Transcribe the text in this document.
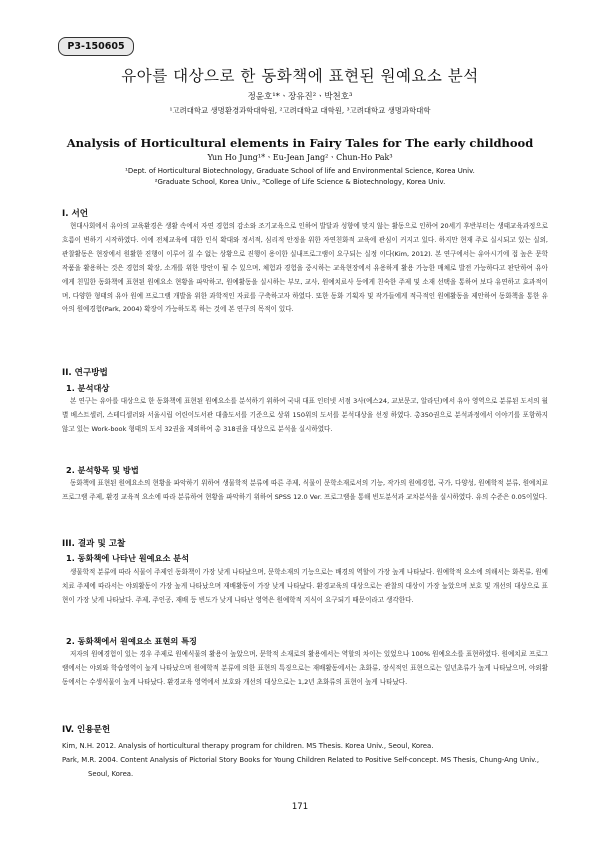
P3-150605
유아를 대상으로 한 동화책에 표현된 원예요소 분석
정윤호¹*ㆍ장유진²ㆍ박천호³
¹고려대학교 생명환경과학대학원, ²고려대학교 대학원, ³고려대학교 생명과학대학
Analysis of Horticultural elements in Fairy Tales for The early childhood
Yun Ho Jung¹*ㆍEu-Jean Jang²ㆍChun-Ho Pak³
¹Dept. of Horticultural Biotechnology, Graduate School of life and Environmental Science, Korea Univ.
²Graduate School, Korea Univ., ³College of Life Science & Biotechnology, Korea Univ.
I. 서언
현대사회에서 유아의 교육환경은 생활 속에서 자연 경험의 감소와 조기교육으로 인하여 발달과 성향에 맞지 않는 활동으로 인하여 20세기 후반부터는 생태교육과정으로 흐름이 변하기 시작하였다. 이에 전체교육에 대한 인식 확대와 정서적, 심리적 안정을 위한 자연친화적 교육에 관심이 커지고 있다. 하지만 현재 주로 실시되고 있는 실외, 관찰활동은 현장에서 원활한 진행이 이루어 질 수 없는 상황으로 진행이 용이한 실내프로그램이 요구되는 실정 이다(Kim, 2012). 본 연구에서는 유아시기에 접 높은 문학 작품을 활용하는 것은 경험의 확장, 소개를 위한 방안이 될 수 있으며, 체험과 경험을 중시하는 교육현장에서 유용하게 활용 가능한 매체로 발전 가능하다고 판단하여 유아에게 친밀한 동화책에 표현된 원예요소 현황을 파악하고, 원예활동을 실시하는 부모, 교사, 원예치료사 등에게 친숙한 주제 및 소재 선택을 통하여 보다 유연하고 효과적이며, 다양한 형태의 유아 원예 프로그램 개발을 위한 과학적인 자료를 구축하고자 하였다. 또한 동화 기획자 및 작가들에게 적극적인 원예활동을 제안하여 동화책을 통한 유아의 원예경험(Park, 2004) 확장이 가능하도록 하는 것에 본 연구의 목적이 있다.
II. 연구방법
1. 분석대상
본 연구는 유아를 대상으로 한 동화책에 표현된 원예요소를 분석하기 위하여 국내 대표 인터넷 서점 3사(예스24, 교보문고, 알라딘)에서 유아 영역으로 분류된 도서의 월별 베스트셀러, 스테디셀러와 서울시립 어린이도서관 대출도서를 기준으로 상위 150위의 도서를 분석대상을 선정 하였다. 총350권으로 분석과정에서 이야기를 포함하지 않고 있는 Work-book 형태의 도서 32권을 제외하여 총 318권을 대상으로 분석을 실시하였다.
2. 분석항목 및 방법
동화책에 표현된 원예요소의 현황을 파악하기 위하여 생물학적 분류에 따른 주제, 식물이 문학소재로서의 기능, 작가의 원예경험, 국가, 다양성, 원예학적 분류, 원예치료 프로그램 주제, 환경 교육적 요소에 따라 분류하여 현황을 파악하기 위하여 SPSS 12.0 Ver. 프로그램을 통해 빈도분석과 교차분석을 실시하였다. 유의 수준은 0.05이었다.
III. 결과 및 고찰
1. 동화책에 나타난 원예요소 분석
생물학적 분류에 따라 식물이 주제인 동화책이 가장 낮게 나타났으며, 문학소재의 기능으로는 배경의 역할이 가장 높게 나타났다. 원예학적 요소에 의해서는 화목류, 원예치료 주제에 따라서는 야외활동이 가장 높게 나타났으며 재배활동이 가장 낮게 나타났다. 환경교육의 대상으로는 관찰의 대상이 가장 높았으며 보호 및 개선의 대상으로 표현이 가장 낮게 나타났다. 주제, 주인공, 재배 등 빈도가 낮게 나타난 영역은 원예학적 지식이 요구되기 때문이라고 생각한다.
2. 동화책에서 원예요소 표현의 특징
저자의 원예경험이 있는 경우 주제로 원예식물의 활용이 높았으며, 문학적 소재로의 활용에서는 역할의 차이는 있었으나 100% 원예요소를 표현하였다. 원예치료 프로그램에서는 야외와 학습영역이 높게 나타났으며 원예학적 분류에 의한 표현의 특징으로는 재배활동에서는 초화류, 장식적인 표현으로는 일년초류가 높게 나타났으며, 야외활동에서는 수생식물이 높게 나타났다. 환경교육 영역에서 보호와 개선의 대상으로는 1,2년 초화류의 표현이 높게 나타났다.
IV. 인용문헌
Kim, N.H. 2012. Analysis of horticultural therapy program for children. MS Thesis. Korea Univ., Seoul, Korea.
Park, M.R. 2004. Content Analysis of Pictorial Story Books for Young Children Related to Positive Self-concept. MS Thesis, Chung-Ang Univ., Seoul, Korea.
171
